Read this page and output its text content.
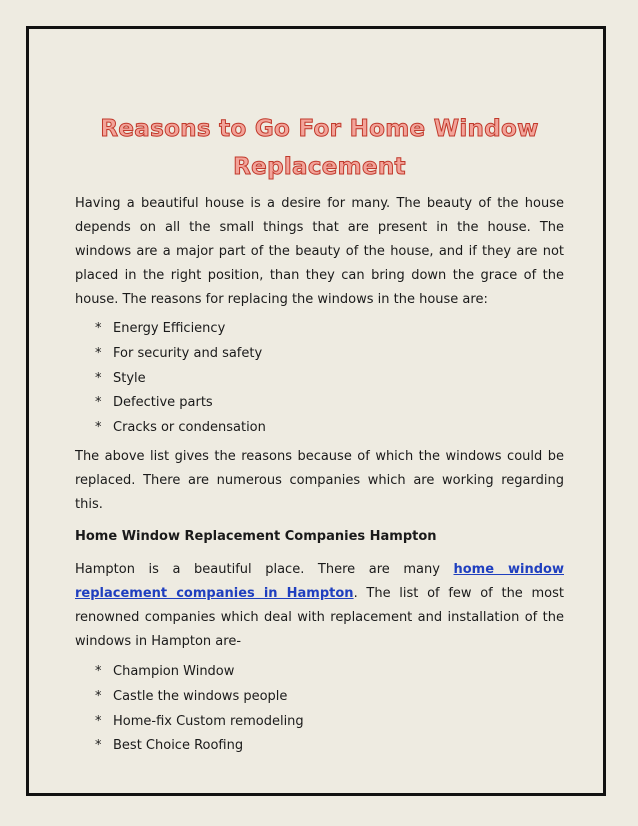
Reasons to Go For Home Window
Replacement

Having a beautiful house is a desire for many. The beauty of the house depends on all the small things that are present in the house. The windows are a major part of the beauty of the house, and if they are not placed in the right position, than they can bring down the grace of the house. The reasons for replacing the windows in the house are:

* Energy Efficiency
* For security and safety
* Style
* Defective parts
* Cracks or condensation

The above list gives the reasons because of which the windows could be replaced. There are numerous companies which are working regarding this.

Home Window Replacement Companies Hampton

Hampton is a beautiful place. There are many home window replacement companies in Hampton. The list of few of the most renowned companies which deal with replacement and installation of the windows in Hampton are-

* Champion Window
* Castle the windows people
* Home-fix Custom remodeling
* Best Choice Roofing
